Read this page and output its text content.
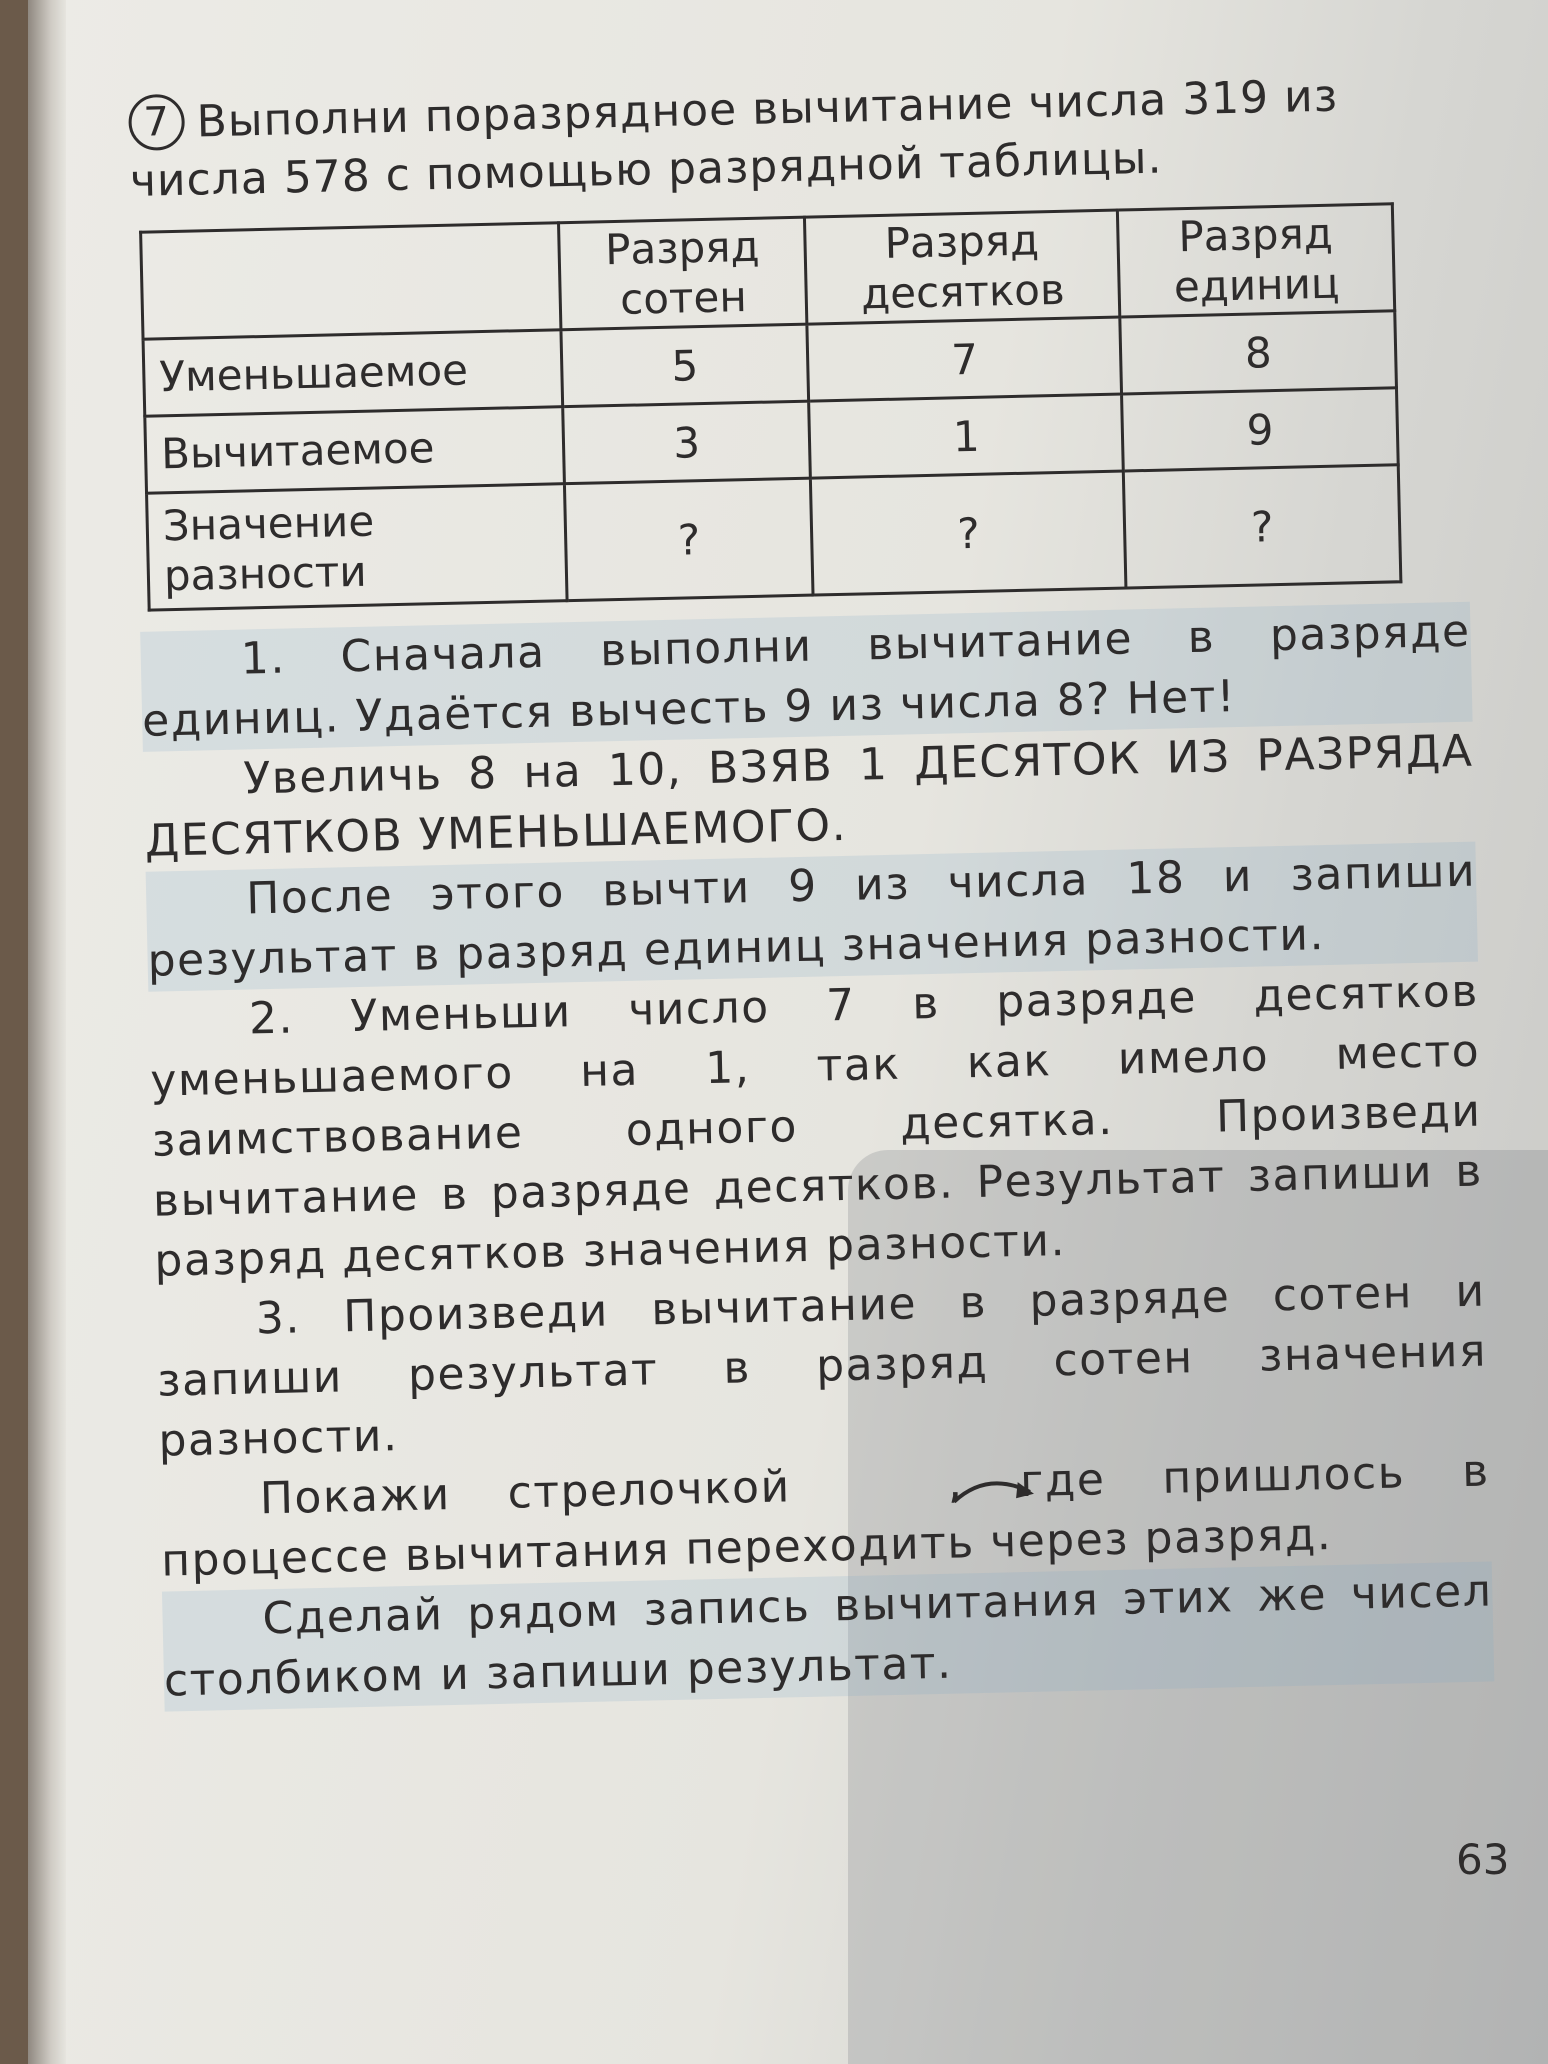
7 Выполни поразрядное вычитание числа 319 из числа 578 с помощью разрядной таблицы.

	Разряд сотен	Разряд десятков	Разряд единиц

Уменьшаемое	5	7	8
Вычитаемое	3	1	9
Значение разности	?	?	?

1. Сначала выполни вычитание в разряде единиц. Удаётся вычесть 9 из числа 8? Нет!

Увеличь 8 на 10, ВЗЯВ 1 ДЕСЯТОК ИЗ РАЗРЯДА ДЕСЯТКОВ УМЕНЬШАЕМОГО.

После этого вычти 9 из числа 18 и запиши результат в разряд единиц значения разности.

2. Уменьши число 7 в разряде десятков уменьшаемого на 1, так как имело место заимствование одного десятка. Произведи вычитание в разряде десятков. Результат запиши в разряд десятков значения разности.

3. Произведи вычитание в разряде сотен и запиши результат в разряд сотен значения разности.

Покажи стрелочкой	, где пришлось в процессе вычитания переходить через разряд.

Сделай рядом запись вычитания этих же чисел столбиком и запиши результат.

63
